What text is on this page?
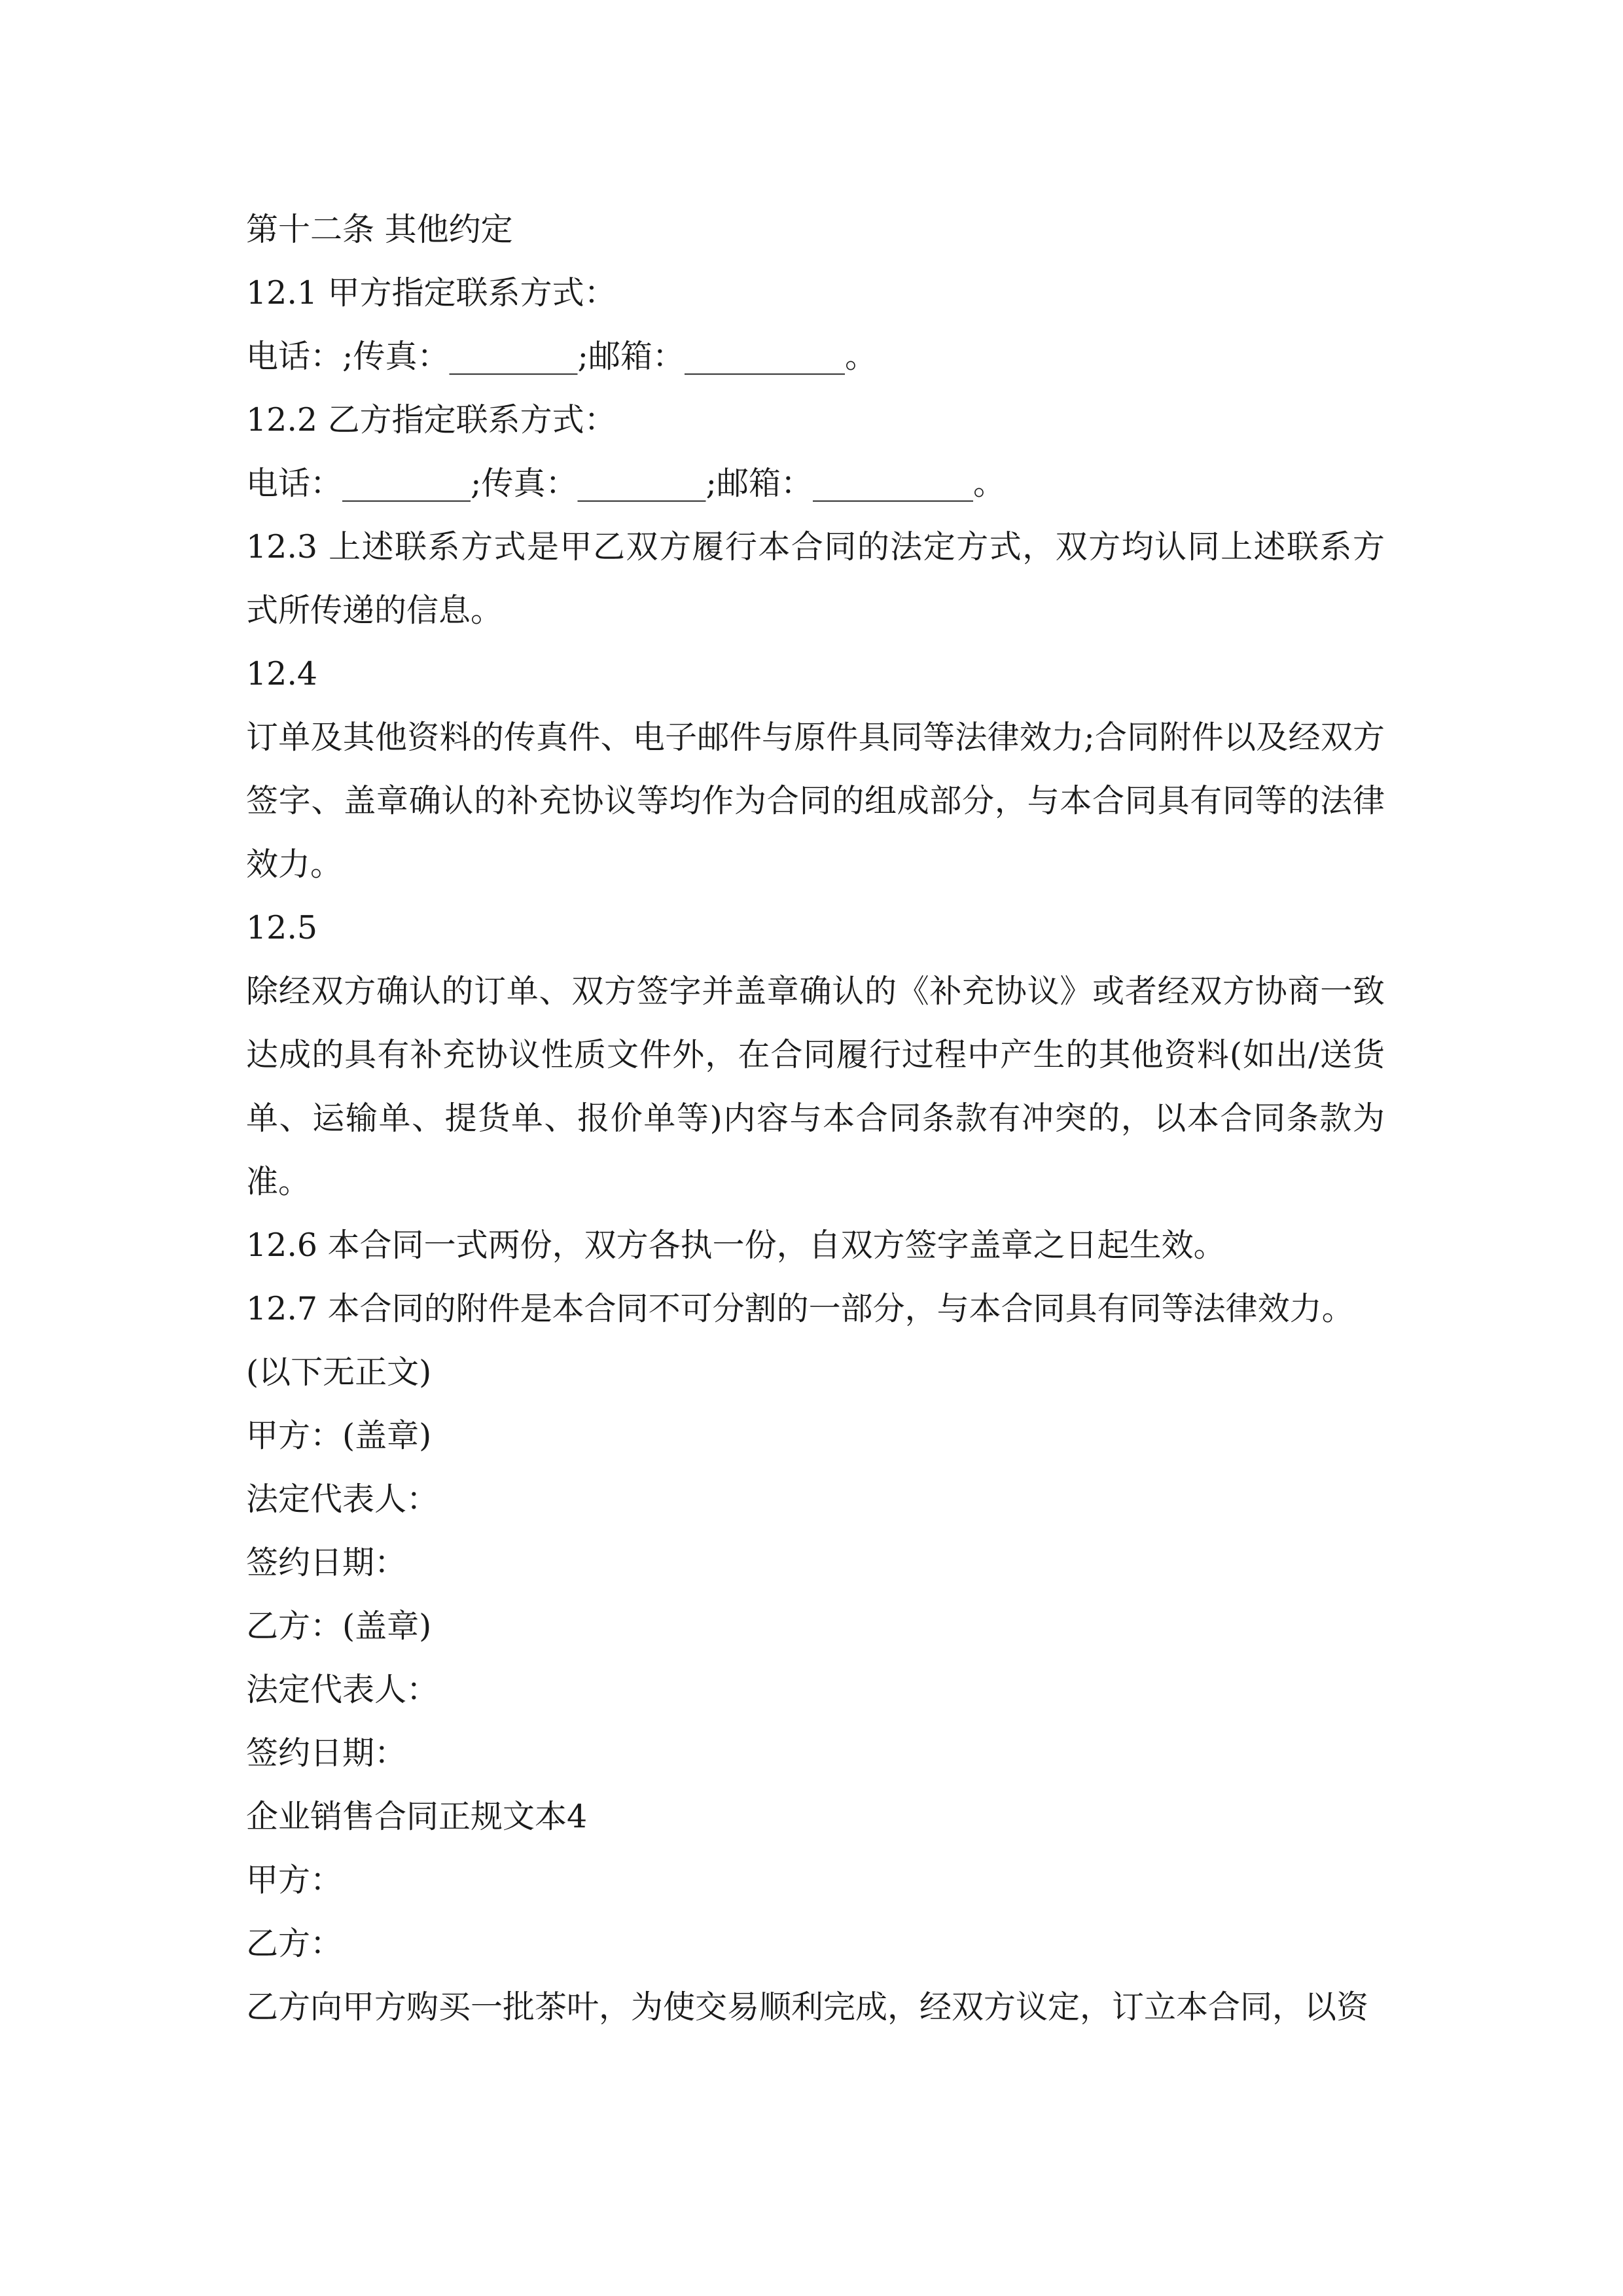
第十二条 其他约定
12.1 甲方指定联系方式：
电话：;传真：________;邮箱：__________。
12.2 乙方指定联系方式：
电话：________;传真：________;邮箱：__________。
12.3 上述联系方式是甲乙双方履行本合同的法定方式，双方均认同上述联系方式所传递的信息。
12.4
订单及其他资料的传真件、电子邮件与原件具同等法律效力;合同附件以及经双方签字、盖章确认的补充协议等均作为合同的组成部分，与本合同具有同等的法律效力。
12.5
除经双方确认的订单、双方签字并盖章确认的《补充协议》或者经双方协商一致达成的具有补充协议性质文件外，在合同履行过程中产生的其他资料(如出/送货单、运输单、提货单、报价单等)内容与本合同条款有冲突的，以本合同条款为准。
12.6 本合同一式两份，双方各执一份，自双方签字盖章之日起生效。
12.7 本合同的附件是本合同不可分割的一部分，与本合同具有同等法律效力。
(以下无正文)
甲方：(盖章)
法定代表人：
签约日期：
乙方：(盖章)
法定代表人：
签约日期：
企业销售合同正规文本4
甲方：
乙方：
乙方向甲方购买一批茶叶，为使交易顺利完成，经双方议定，订立本合同，以资
